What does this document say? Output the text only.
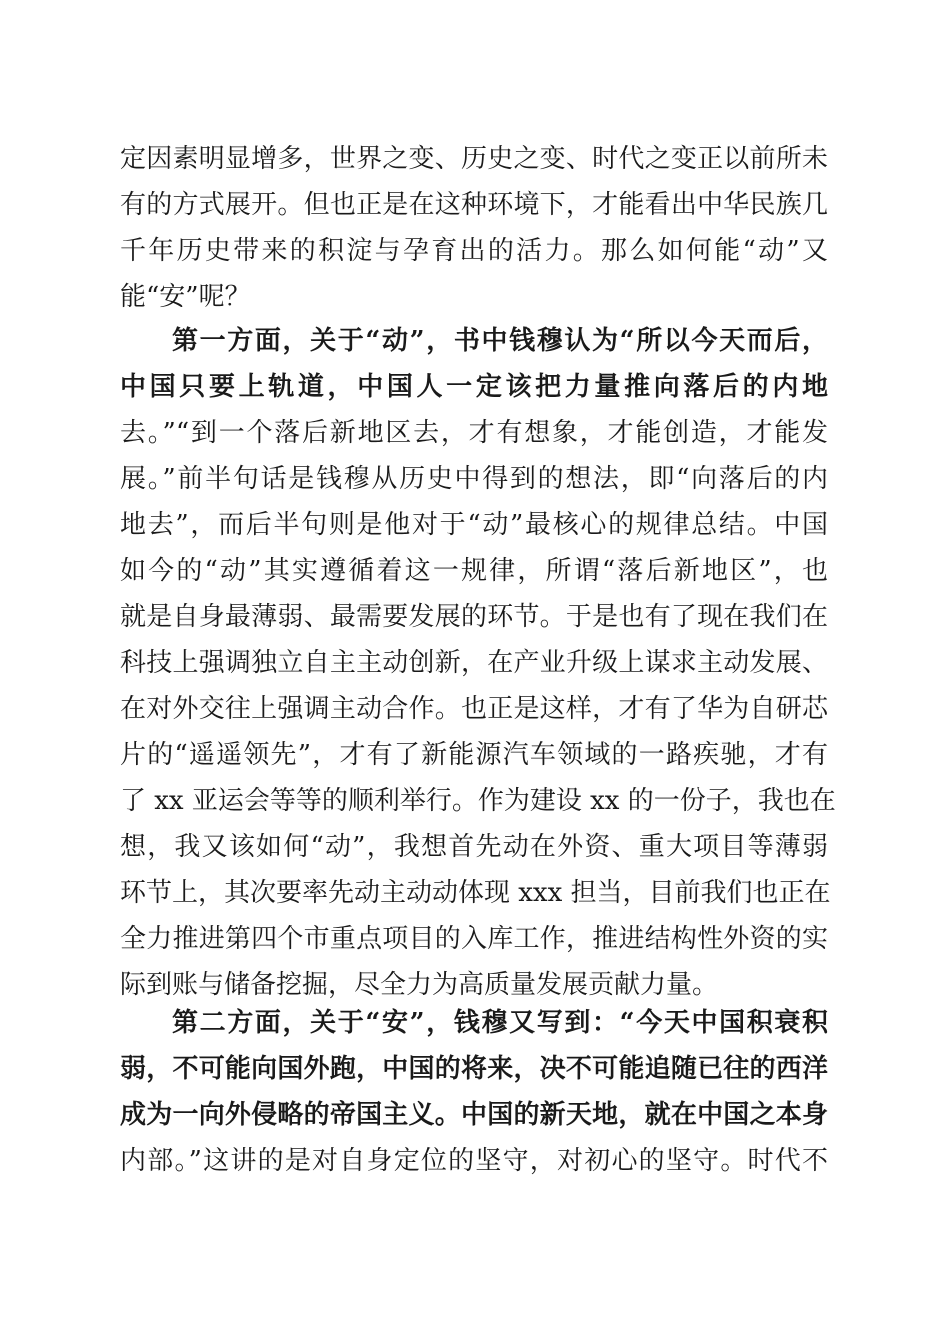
定因素明显增多，世界之变、历史之变、时代之变正以前所未
有的方式展开。但也正是在这种环境下，才能看出中华民族几
千年历史带来的积淀与孕育出的活力。那么如何能“动”又
能“安”呢？
第一方面，关于“动”，书中钱穆认为“所以今天而后，
中国只要上轨道，中国人一定该把力量推向落后的内地
去。”“到一个落后新地区去，才有想象，才能创造，才能发
展。”前半句话是钱穆从历史中得到的想法，即“向落后的内
地去”，而后半句则是他对于“动”最核心的规律总结。中国
如今的“动”其实遵循着这一规律，所谓“落后新地区”，也
就是自身最薄弱、最需要发展的环节。于是也有了现在我们在
科技上强调独立自主主动创新，在产业升级上谋求主动发展、
在对外交往上强调主动合作。也正是这样，才有了华为自研芯
片的“遥遥领先”，才有了新能源汽车领域的一路疾驰，才有
了 xx 亚运会等等的顺利举行。作为建设 xx 的一份子，我也在
想，我又该如何“动”，我想首先动在外资、重大项目等薄弱
环节上，其次要率先动主动动体现 xxx 担当，目前我们也正在
全力推进第四个市重点项目的入库工作，推进结构性外资的实
际到账与储备挖掘，尽全力为高质量发展贡献力量。
第二方面，关于“安”，钱穆又写到：“今天中国积衰积
弱，不可能向国外跑，中国的将来，决不可能追随已往的西洋
成为一向外侵略的帝国主义。中国的新天地，就在中国之本身
内部。”这讲的是对自身定位的坚守，对初心的坚守。时代不
